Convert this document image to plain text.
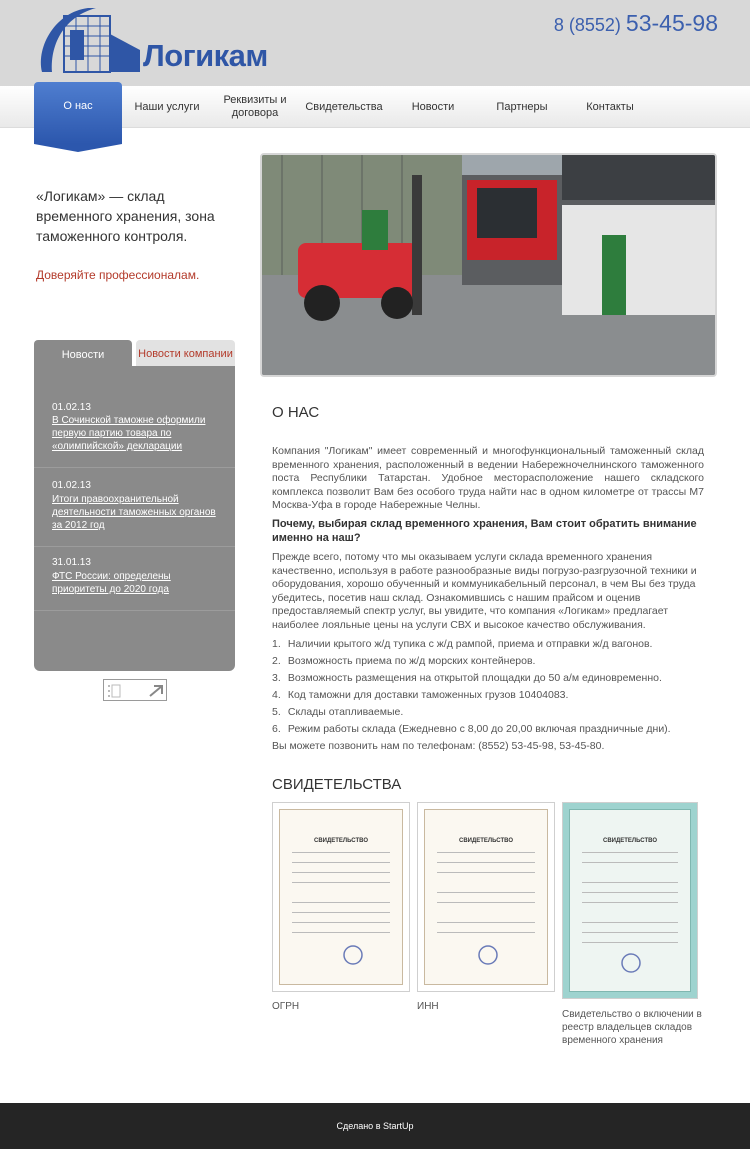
Логикам
8 (8552) 53-45-98
О нас	Наши услуги
Реквизиты и договора
Свидетельства	Новости	Партнеры	Контакты
«Логикам» — склад временного хранения, зона таможенного контроля.
Доверяйте профессионалам.
Новости	Новости компании
01.02.13
В Сочинской таможне оформили первую партию товара по «олимпийской» декларации
01.02.13
Итоги правоохранительной деятельности таможенных органов за 2012 год
31.01.13
ФТС России: определены приоритеты до 2020 года
О НАС
Компания "Логикам" имеет современный и многофункциональный таможенный склад временного хранения, расположенный в ведении Набережночелнинского таможенного поста Республики Татарстан. Удобное месторасположение нашего складского комплекса позволит Вам без особого труда найти нас в одном километре от трассы М7 Москва-Уфа в городе Набережные Челны.
Почему, выбирая склад временного хранения, Вам стоит обратить внимание именно на наш?
Прежде всего, потому что мы оказываем услуги склада временного хранения качественно, используя в работе разнообразные виды погрузо-разгрузочной техники и оборудования, хорошо обученный и коммуникабельный персонал, в чем Вы без труда убедитесь, посетив наш склад. Ознакомившись с нашим прайсом и оценив предоставляемый спектр услуг, вы увидите, что компания «Логикам» предлагает наиболее лояльные цены на услуги СВХ и высокое качество обслуживания.
1. Наличии крытого ж/д тупика с ж/д рампой, приема и отправки ж/д вагонов.
2. Возможность приема по ж/д морских контейнеров.
3. Возможность размещения на открытой площадки до 50 а/м единовременно.
4. Код таможни для доставки таможенных грузов 10404083.
5. Склады отапливаемые.
6. Режим работы склада (Ежедневно с 8,00 до 20,00 включая праздничные дни).
Вы можете позвонить нам по телефонам: (8552) 53-45-98, 53-45-80.
СВИДЕТЕЛЬСТВА
СВИДЕТЕЛЬСТВО
ОГРН
СВИДЕТЕЛЬСТВО
ИНН
СВИДЕТЕЛЬСТВО
Свидетельство о включении в реестр владельцев складов временного хранения
Сделано в StartUp
